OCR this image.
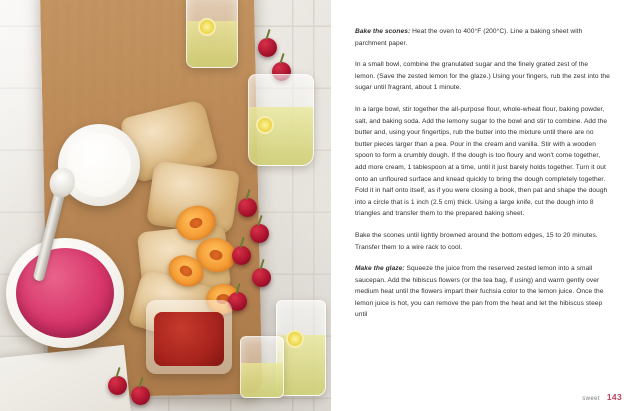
Bake the scones: Heat the oven to 400°F (200°C). Line a baking sheet with parchment paper.

In a small bowl, combine the granulated sugar and the finely grated zest of the lemon. (Save the zested lemon for the glaze.) Using your fingers, rub the zest into the sugar until fragrant, about 1 minute.

In a large bowl, stir together the all-purpose flour, whole-wheat flour, baking powder, salt, and baking soda. Add the lemony sugar to the bowl and stir to combine. Add the butter and, using your fingertips, rub the butter into the mixture until there are no butter pieces larger than a pea. Pour in the cream and vanilla. Stir with a wooden spoon to form a crumbly dough. If the dough is too floury and won't come together, add more cream, 1 tablespoon at a time, until it just barely holds together. Turn it out onto an unfloured surface and knead quickly to bring the dough completely together. Fold it in half onto itself, as if you were closing a book, then pat and shape the dough into a circle that is 1 inch (2.5 cm) thick. Using a large knife, cut the dough into 8 triangles and transfer them to the prepared baking sheet.

Bake the scones until lightly browned around the bottom edges, 15 to 20 minutes. Transfer them to a wire rack to cool.

Make the glaze: Squeeze the juice from the reserved zested lemon into a small saucepan. Add the hibiscus flowers (or the tea bag, if using) and warm gently over medium heat until the flowers impart their fuchsia color to the lemon juice. Once the lemon juice is hot, you can remove the pan from the heat and let the hibiscus steep until

sweet 143
